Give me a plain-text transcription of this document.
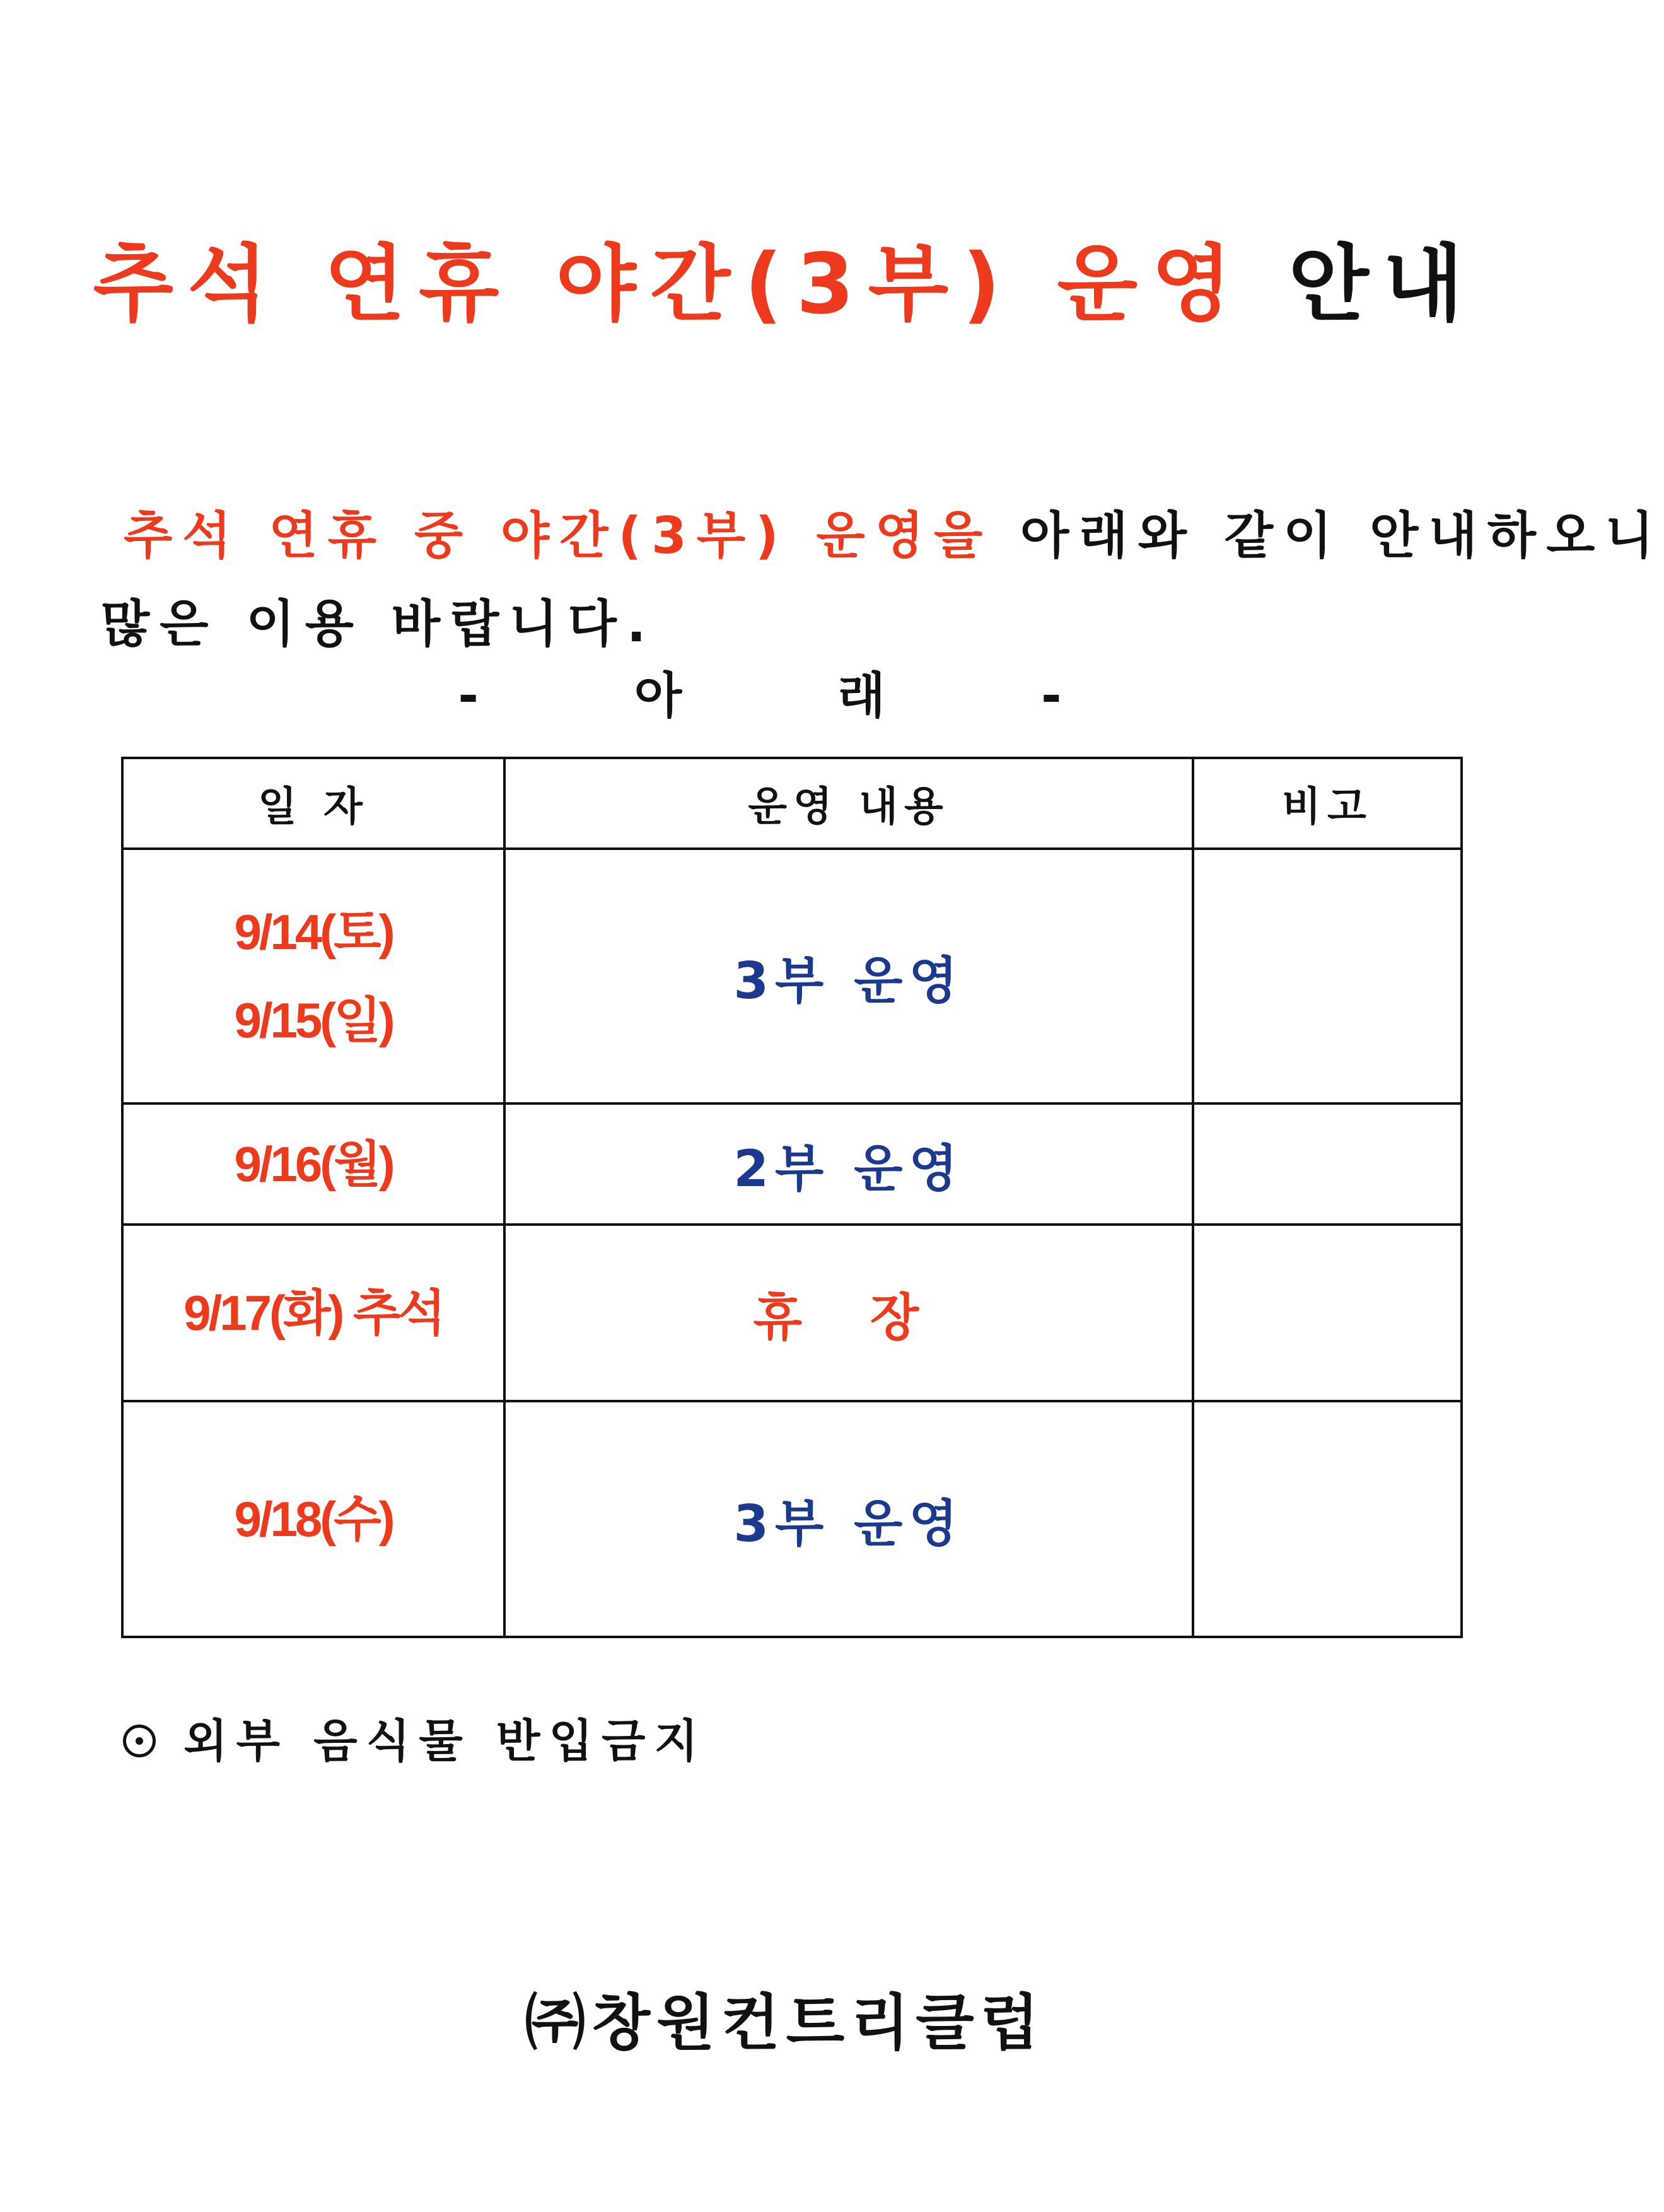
추석 연휴 야간(3부) 운영 안내
추석 연휴 중 야간(3부) 운영을 아래와 같이 안내하오니
많은 이용 바랍니다.
- 아 래 -
일 자	운영 내용	비고

9/14(토)
9/15(일)	3부 운영	

9/16(월)	2부 운영	

9/17(화) 추석	휴 장	

9/18(수)	3부 운영	
외부 음식물 반입금지
㈜창원컨트리클럽
